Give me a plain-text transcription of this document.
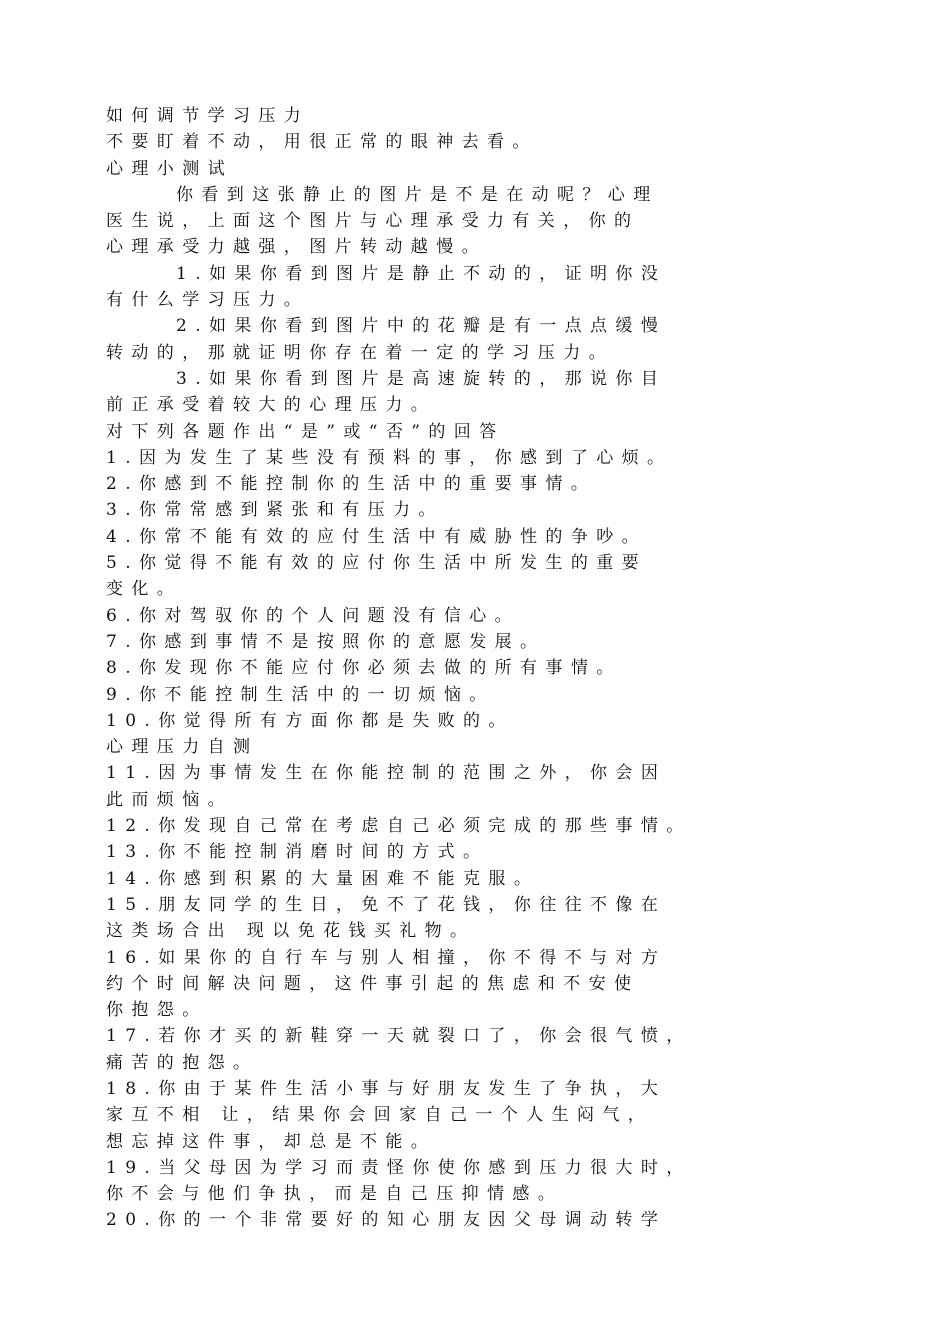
如何调节学习压力
不要盯着不动，用很正常的眼神去看。
心理小测试
你看到这张静止的图片是不是在动呢？心理
医生说，上面这个图片与心理承受力有关，你的
心理承受力越强，图片转动越慢。
1.如果你看到图片是静止不动的，证明你没
有什么学习压力。
2.如果你看到图片中的花瓣是有一点点缓慢
转动的，那就证明你存在着一定的学习压力。
3.如果你看到图片是高速旋转的，那说你目
前正承受着较大的心理压力。
对下列各题作出“是”或“否”的回答
1.因为发生了某些没有预料的事，你感到了心烦。
2.你感到不能控制你的生活中的重要事情。
3.你常常感到紧张和有压力。
4.你常不能有效的应付生活中有威胁性的争吵。
5.你觉得不能有效的应付你生活中所发生的重要
变化。
6.你对驾驭你的个人问题没有信心。
7.你感到事情不是按照你的意愿发展。
8.你发现你不能应付你必须去做的所有事情。
9.你不能控制生活中的一切烦恼。
10.你觉得所有方面你都是失败的。
心理压力自测
11.因为事情发生在你能控制的范围之外，你会因
此而烦恼。
12.你发现自己常在考虑自己必须完成的那些事情。
13.你不能控制消磨时间的方式。
14.你感到积累的大量困难不能克服。
15.朋友同学的生日，免不了花钱，你往往不像在
这类场合出 现以免花钱买礼物。
16.如果你的自行车与别人相撞，你不得不与对方
约个时间解决问题，这件事引起的焦虑和不安使
你抱怨。
17.若你才买的新鞋穿一天就裂口了，你会很气愤，
痛苦的抱怨。
18.你由于某件生活小事与好朋友发生了争执，大
家互不相 让，结果你会回家自己一个人生闷气，
想忘掉这件事，却总是不能。
19.当父母因为学习而责怪你使你感到压力很大时，
你不会与他们争执，而是自己压抑情感。
20.你的一个非常要好的知心朋友因父母调动转学
